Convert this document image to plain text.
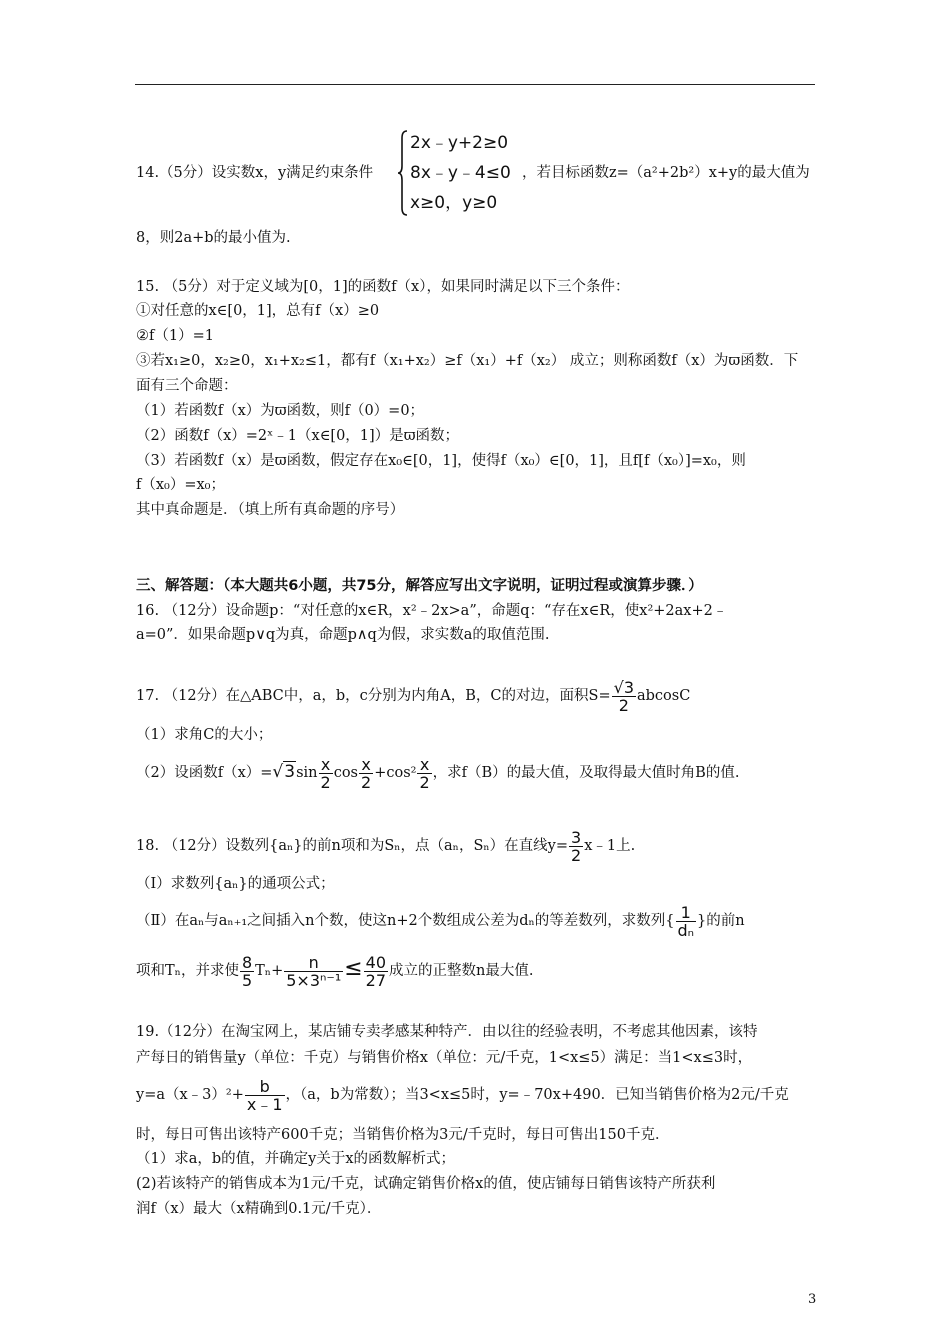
14.（5分）设实数x，y满足约束条件
2x﹣y+2≥0
8x﹣y﹣4≤0
x≥0，y≥0
，若目标函数z=（a²+2b²）x+y的最大值为
8，则2a+b的最小值为.
15. （5分）对于定义域为[0，1]的函数f（x），如果同时满足以下三个条件：
①对任意的x∈[0，1]，总有f（x）≥0
②f（1）=1
③若x₁≥0，x₂≥0，x₁+x₂≤1，都有f（x₁+x₂）≥f（x₁）+f（x₂） 成立；则称函数f（x）为ϖ函数．下
面有三个命题：
（1）若函数f（x）为ϖ函数，则f（0）=0；
（2）函数f（x）=2ˣ﹣1（x∈[0，1]）是ϖ函数；
（3）若函数f（x）是ϖ函数，假定存在x₀∈[0，1]，使得f（x₀）∈[0，1]，且f[f（x₀）]=x₀，则
f（x₀）=x₀；
其中真命题是．（填上所有真命题的序号）
三、解答题：（本大题共6小题，共75分，解答应写出文字说明，证明过程或演算步骤．）
16. （12分）设命题p：“对任意的x∈R，x²﹣2x>a”，命题q：“存在x∈R，使x²+2ax+2﹣
a=0”．如果命题p∨q为真，命题p∧q为假，求实数a的取值范围.
17. （12分）在△ABC中，a，b，c分别为内角A，B，C的对边，面积$S= \frac{√3}{2}$ abcosC
（1）求角C的大小；
（2）设函数$f(x)=√3\sin \frac{x}{2}$ $\cos \frac{x}{2} +\cos^2 \frac{x}{2}$ ，求f（B）的最大值，及取得最大值时角B的值.
18. （12分）设数列{aₙ}的前n项和为Sₙ，点（aₙ，Sₙ）在直线$y= \frac{3}{2}$ x﹣1上.
（Ⅰ）求数列{aₙ}的通项公式；
（Ⅱ）在aₙ与aₙ₊₁之间插入n个数，使这n+2个数组成公差为dₙ的等差数列，求数列{ $\frac{1}{\text{dₙ}}$ }的前n
项和Tₙ，并求使 $\frac{8}{5} T_n+ \frac{n}{\text{5×3ⁿ⁻¹}} \le \frac{40}{27}$ 成立的正整数n最大值.
19.（12分）在淘宝网上，某店铺专卖孝感某种特产．由以往的经验表明，不考虑其他因素，该特
产每日的销售量y（单位：千克）与销售价格x（单位：元/千克，1<x≤5）满足：当1<x≤3时，
y=a（x﹣3）²+ $\frac{b}{x﹣1}$ ，（a，b为常数）；当3<x≤5时，y=﹣70x+490．已知当销售价格为2元/千克
时，每日可售出该特产600千克；当销售价格为3元/千克时，每日可售出150千克．
（1）求a，b的值，并确定y关于x的函数解析式；
(2)若该特产的销售成本为1元/千克，试确定销售价格x的值，使店铺每日销售该特产所获利
润f（x）最大（x精确到0.1元/千克）．
3
